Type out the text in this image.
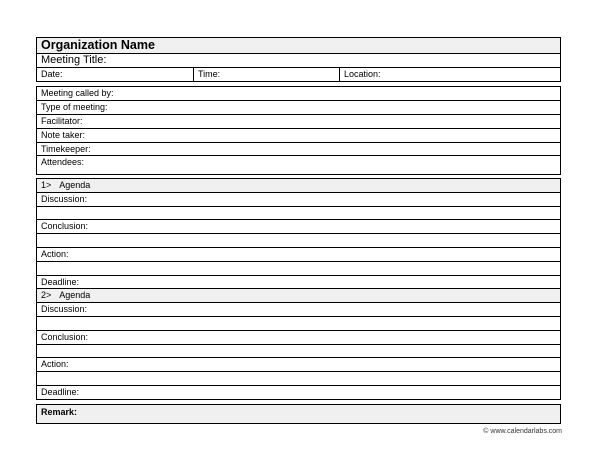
Organization Name
Meeting Title:
Date:	Time:	Location:
Meeting called by:
Type of meeting:
Facilitator:
Note taker:
Timekeeper:
Attendees:
1> Agenda
Discussion:
Conclusion:
Action:
Deadline:
2> Agenda
Discussion:
Conclusion:
Action:
Deadline:
Remark:
© www.calendarlabs.com
